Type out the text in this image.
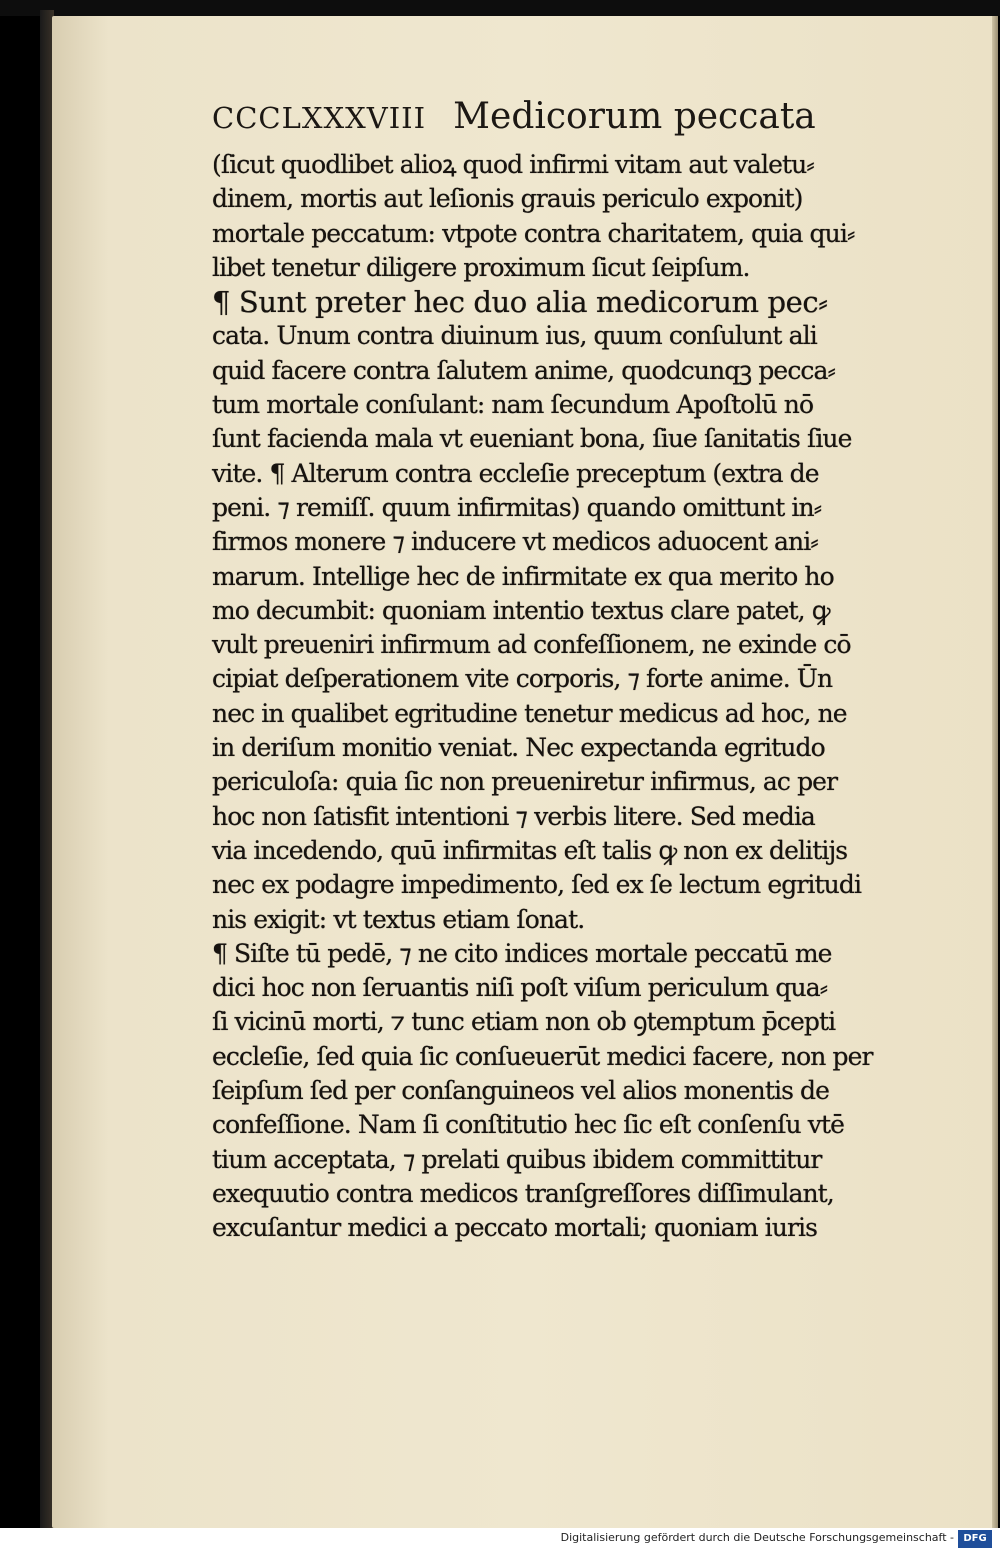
CCCLXXXVIII Medicorum peccata
(ſicut quodlibet alioꝝ quod infirmi vitam aut valetu⸗
dinem, mortis aut leſionis grauis periculo exponit)
mortale peccatum: vtpote contra charitatem, quia qui⸗
libet tenetur diligere proximum ſicut ſeipſum.
¶ Sunt preter hec duo alia medicorum pec⸗
cata. Unum contra diuinum ius, quum conſulunt ali
quid facere contra ſalutem anime, quodcunqꝫ pecca⸗
tum mortale conſulant: nam ſecundum Apoſtolū nō
ſunt facienda mala vt eueniant bona, ſiue ſanitatis ſiue
vite. ¶ Alterum contra eccleſie preceptum (extra de
peni. ⁊ remiſſ. quum infirmitas) quando omittunt in⸗
firmos monere ⁊ inducere vt medicos aduocent ani⸗
marum. Intellige hec de infirmitate ex qua merito ho
mo decumbit: quoniam intentio textus clare patet, ꝙ
vult preueniri infirmum ad confeſſionem, ne exinde cō
cipiat deſperationem vite corporis, ⁊ forte anime. Ūn
nec in qualibet egritudine tenetur medicus ad hoc, ne
in deriſum monitio veniat. Nec expectanda egritudo
periculoſa: quia ſic non preueniretur infirmus, ac per
hoc non ſatisfit intentioni ⁊ verbis litere. Sed media
via incedendo, quū infirmitas eſt talis ꝙ non ex delitijs
nec ex podagre impedimento, ſed ex ſe lectum egritudi
nis exigit: vt textus etiam ſonat.
¶ Siſte tū pedē, ⁊ ne cito indices mortale peccatū me
dici hoc non ſeruantis niſi poſt viſum periculum qua⸗
ſi vicinū morti, ⁊ tunc etiam non ob ꝯtemptum p̄cepti
eccleſie, ſed quia ſic conſueuerūt medici facere, non per
ſeipſum ſed per conſanguineos vel alios monentis de
confeſſione. Nam ſi conſtitutio hec ſic eſt conſenſu vtē
tium acceptata, ⁊ prelati quibus ibidem committitur
exequutio contra medicos tranſgreſſores diſſimulant,
excuſantur medici a peccato mortali; quoniam iuris
Digitalisierung gefördert durch die Deutsche Forschungsgemeinschaft - DFG
